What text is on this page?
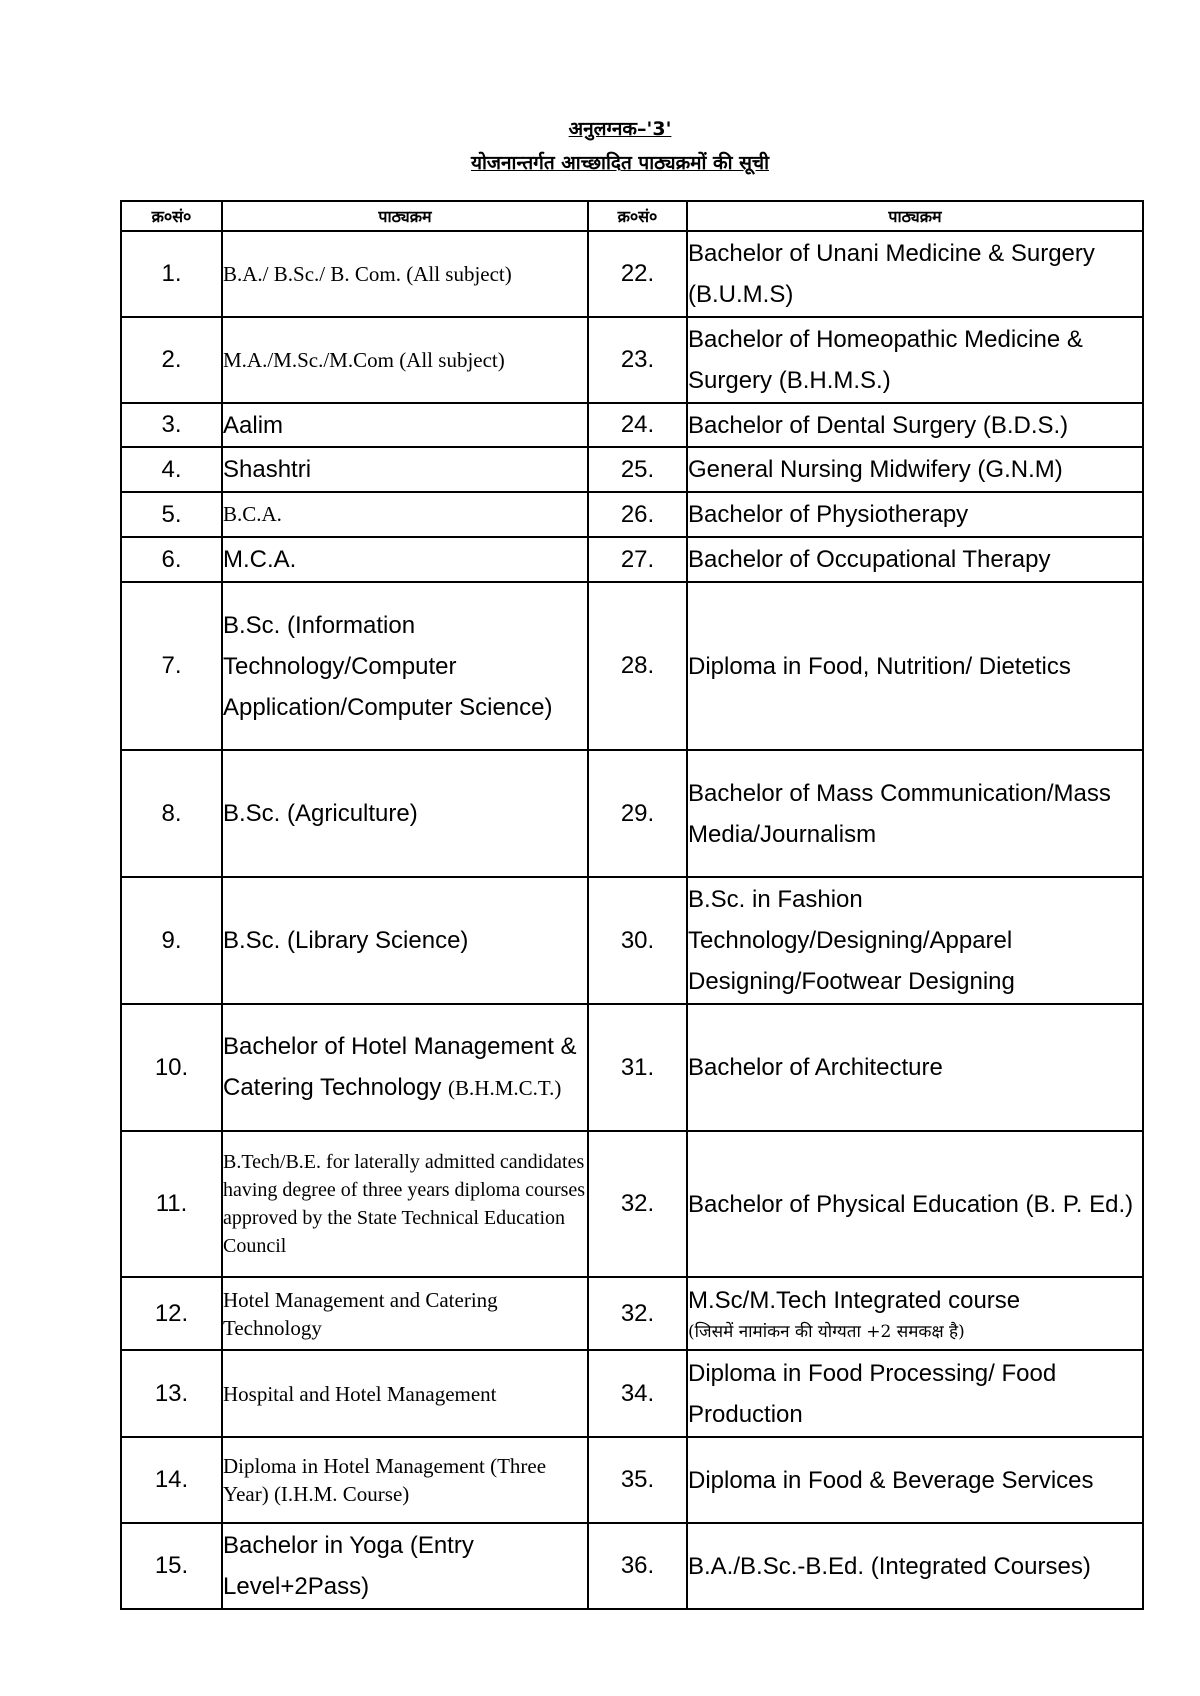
अनुलग्नक–'3'

योजनान्तर्गत आच्छादित पाठ्यक्रमों की सूची

क्र०सं०	पाठ्यक्रम	क्र०सं०	पाठ्यक्रम
1.	B.A./ B.Sc./ B. Com. (All subject)	22.	Bachelor of Unani Medicine & Surgery (B.U.M.S)
2.	M.A./M.Sc./M.Com (All subject)	23.	Bachelor of Homeopathic Medicine & Surgery (B.H.M.S.)
3.	Aalim	24.	Bachelor of Dental Surgery (B.D.S.)
4.	Shashtri	25.	General Nursing Midwifery (G.N.M)
5.	B.C.A.	26.	Bachelor of Physiotherapy
6.	M.C.A.	27.	Bachelor of Occupational Therapy
7.	B.Sc. (Information Technology/Computer Application/Computer Science)	28.	Diploma in Food, Nutrition/ Dietetics
8.	B.Sc. (Agriculture)	29.	Bachelor of Mass Communication/Mass Media/Journalism
9.	B.Sc. (Library Science)	30.	B.Sc. in Fashion Technology/Designing/Apparel Designing/Footwear Designing
10.	Bachelor of Hotel Management & Catering Technology (B.H.M.C.T.)	31.	Bachelor of Architecture
11.	B.Tech/B.E. for laterally admitted candidates having degree of three years diploma courses approved by the State Technical Education Council	32.	Bachelor of Physical Education (B. P. Ed.)
12.	Hotel Management and Catering Technology	32.	M.Sc/M.Tech Integrated course
(जिसमें नामांकन की योग्यता +2 समकक्ष है)

13.	Hospital and Hotel Management	34.	Diploma in Food Processing/ Food Production
14.	Diploma in Hotel Management (Three Year) (I.H.M. Course)	35.	Diploma in Food & Beverage Services
15.	Bachelor in Yoga (Entry Level+2Pass)	36.	B.A./B.Sc.-B.Ed. (Integrated Courses)
